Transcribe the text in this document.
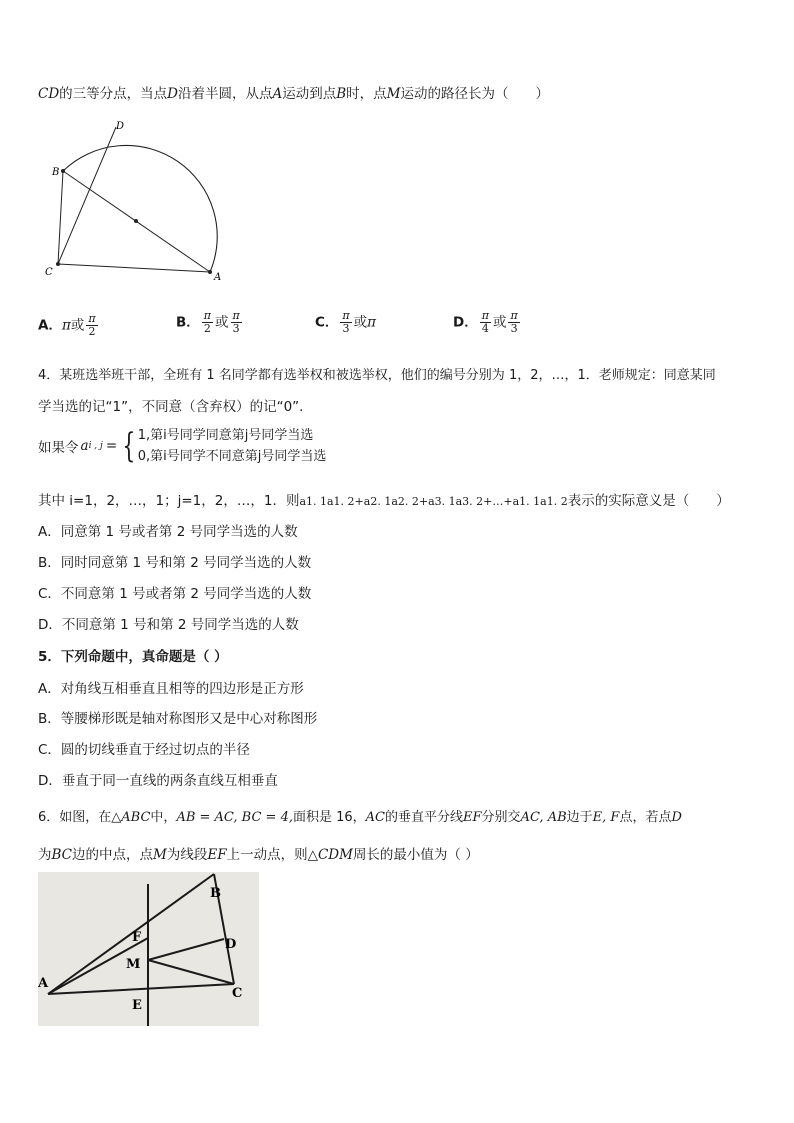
CD的三等分点，当点D沿着半圆，从点A运动到点B时，点M运动的路径长为（　　）
D
B
C	A
A．π或 $\frac{\pi}{2}$	B． $\frac{\pi}{2}$ 或 $\frac{\pi}{3}$	C． $\frac{\pi}{3}$ 或π	D． $\frac{\pi}{4}$ 或 $\frac{\pi}{3}$
4．某班选举班干部，全班有 1 名同学都有选举权和被选举权，他们的编号分别为 1，2，…，1．老师规定：同意某同
学当选的记“1”，不同意（含弃权）的记“0”．
如果令 a i , j = { 1,第i号同学同意第j号同学当选
0,第i号同学不同意第j号同学当选
其中 i=1，2，…，1；j=1，2，…，1．则a1. 1a1. 2+a2. 1a2. 2+a3. 1a3. 2+…+a1. 1a1. 2表示的实际意义是（　　）
A．同意第 1 号或者第 2 号同学当选的人数
B．同时同意第 1 号和第 2 号同学当选的人数
C．不同意第 1 号或者第 2 号同学当选的人数
D．不同意第 1 号和第 2 号同学当选的人数
5．下列命题中，真命题是（ ）
A．对角线互相垂直且相等的四边形是正方形
B．等腰梯形既是轴对称图形又是中心对称图形
C．圆的切线垂直于经过切点的半径
D．垂直于同一直线的两条直线互相垂直
6．如图，在△ABC中，AB = AC, BC = 4,面积是 16，AC的垂直平分线EF分别交AC, AB边于E, F点，若点D
为BC边的中点，点M为线段EF上一动点，则△CDM周长的最小值为（ ）
B
F	D
M
A
E
C
